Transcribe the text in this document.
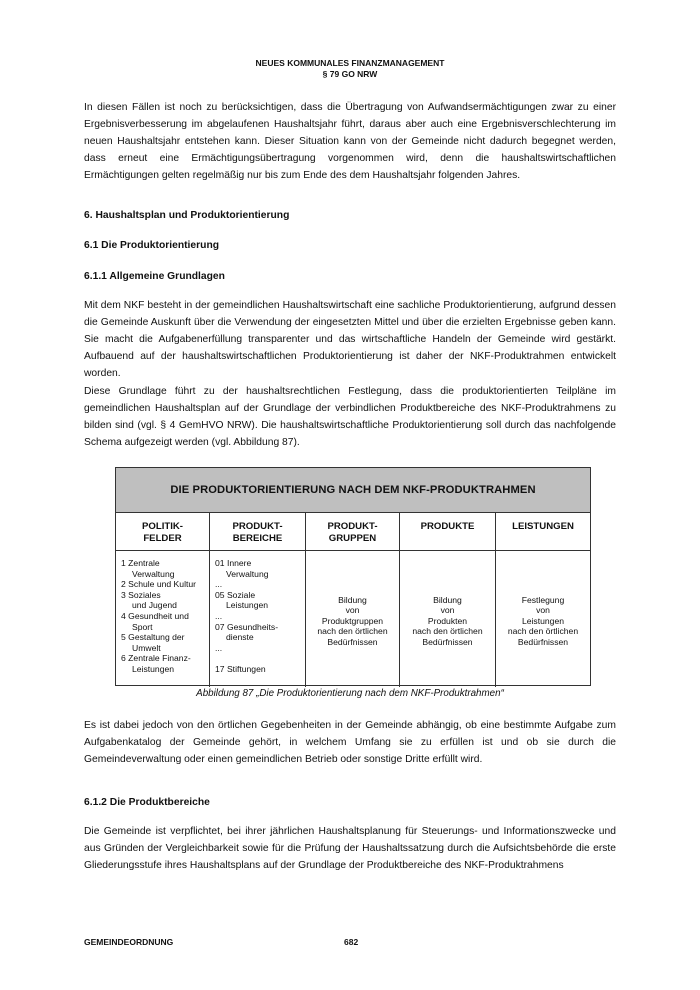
NEUES KOMMUNALES FINANZMANAGEMENT
§ 79 GO NRW

In diesen Fällen ist noch zu berücksichtigen, dass die Übertragung von Aufwandsermächtigungen zwar zu einer Ergebnisverbesserung im abgelaufenen Haushaltsjahr führt, daraus aber auch eine Ergebnisverschlechterung im neuen Haushaltsjahr entstehen kann. Dieser Situation kann von der Gemeinde nicht dadurch begegnet werden, dass erneut eine Ermächtigungsübertragung vorgenommen wird, denn die haushaltswirtschaftlichen Ermächtigungen gelten regelmäßig nur bis zum Ende des dem Haushaltsjahr folgenden Jahres.

6. Haushaltsplan und Produktorientierung
6.1 Die Produktorientierung
6.1.1 Allgemeine Grundlagen

Mit dem NKF besteht in der gemeindlichen Haushaltswirtschaft eine sachliche Produktorientierung, aufgrund dessen die Gemeinde Auskunft über die Verwendung der eingesetzten Mittel und über die erzielten Ergebnisse geben kann. Sie macht die Aufgabenerfüllung transparenter und das wirtschaftliche Handeln der Gemeinde wird gestärkt. Aufbauend auf der haushaltswirtschaftlichen Produktorientierung ist daher der NKF-Produktrahmen entwickelt worden.

Diese Grundlage führt zu der haushaltsrechtlichen Festlegung, dass die produktorientierten Teilpläne im gemeindlichen Haushaltsplan auf der Grundlage der verbindlichen Produktbereiche des NKF-Produktrahmens zu bilden sind (vgl. § 4 GemHVO NRW). Die haushaltswirtschaftliche Produktorientierung soll durch das nachfolgende Schema aufgezeigt werden (vgl. Abbildung 87).

DIE PRODUKTORIENTIERUNG NACH DEM NKF-PRODUKTRAHMEN
POLITIK-
FELDER
PRODUKT-
BEREICHE
PRODUKT-
GRUPPEN
PRODUKTE	LEISTUNGEN
1 Zentrale
Verwaltung
2 Schule und Kultur
3 Soziales
und Jugend
4 Gesundheit und
Sport
5 Gestaltung der
Umwelt
6 Zentrale Finanz-
Leistungen
01 Innere
Verwaltung
...
05 Soziale
Leistungen
...
07 Gesundheits-
dienste
...
17 Stiftungen
Bildung
von
Produktgruppen
nach den örtlichen
Bedürfnissen
Bildung
von
Produkten
nach den örtlichen
Bedürfnissen
Festlegung
von
Leistungen
nach den örtlichen
Bedürfnissen
Abbildung 87 „Die Produktorientierung nach dem NKF-Produktrahmen“

Es ist dabei jedoch von den örtlichen Gegebenheiten in der Gemeinde abhängig, ob eine bestimmte Aufgabe zum Aufgabenkatalog der Gemeinde gehört, in welchem Umfang sie zu erfüllen ist und ob sie durch die Gemeindeverwaltung oder einen gemeindlichen Betrieb oder sonstige Dritte erfüllt wird.

6.1.2 Die Produktbereiche

Die Gemeinde ist verpflichtet, bei ihrer jährlichen Haushaltsplanung für Steuerungs- und Informationszwecke und aus Gründen der Vergleichbarkeit sowie für die Prüfung der Haushaltssatzung durch die Aufsichtsbehörde die erste Gliederungsstufe ihres Haushaltsplans auf der Grundlage der Produktbereiche des NKF-Produktrahmens

GEMEINDEORDNUNG	682
